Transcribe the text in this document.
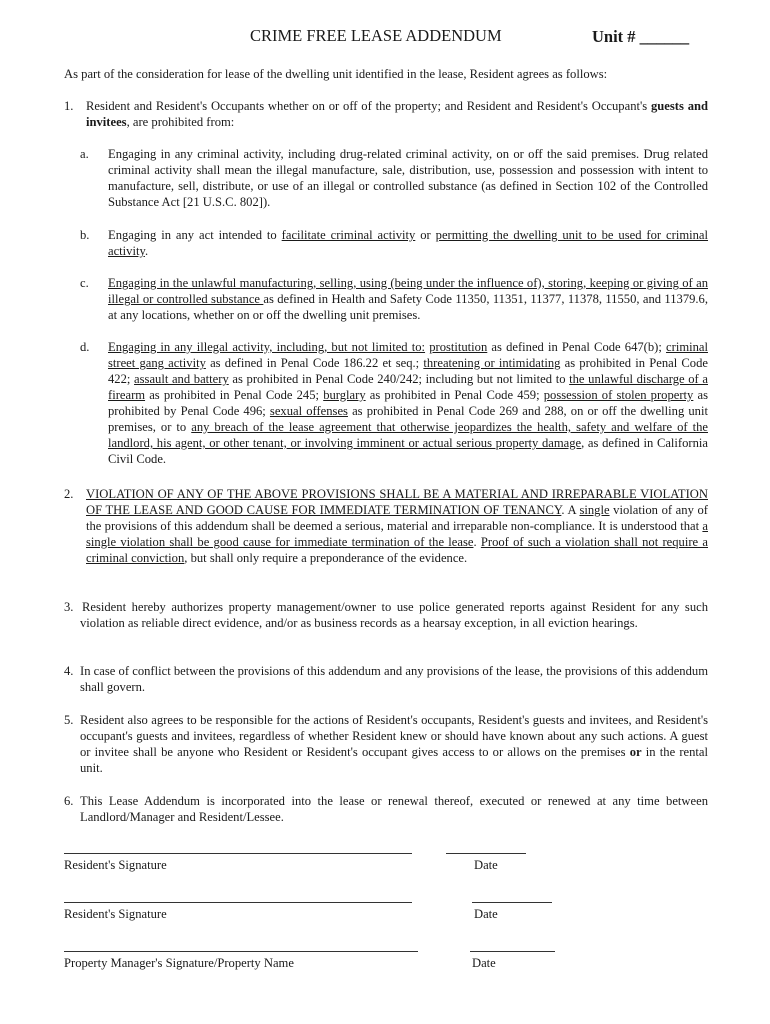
CRIME FREE LEASE ADDENDUM	Unit # ______
As part of the consideration for lease of the dwelling unit identified in the lease, Resident agrees as follows:
1. Resident and Resident's Occupants whether on or off of the property; and Resident and Resident's Occupant's guests and invitees, are prohibited from:
a. Engaging in any criminal activity, including drug-related criminal activity, on or off the said premises. Drug related criminal activity shall mean the illegal manufacture, sale, distribution, use, possession and possession with intent to manufacture, sell, distribute, or use of an illegal or controlled substance (as defined in Section 102 of the Controlled Substance Act [21 U.S.C. 802]).
b. Engaging in any act intended to facilitate criminal activity or permitting the dwelling unit to be used for criminal activity.
c. Engaging in the unlawful manufacturing, selling, using (being under the influence of), storing, keeping or giving of an illegal or controlled substance as defined in Health and Safety Code 11350, 11351, 11377, 11378, 11550, and 11379.6, at any locations, whether on or off the dwelling unit premises.
d. Engaging in any illegal activity, including, but not limited to: prostitution as defined in Penal Code 647(b); criminal street gang activity as defined in Penal Code 186.22 et seq.; threatening or intimidating as prohibited in Penal Code 422; assault and battery as prohibited in Penal Code 240/242; including but not limited to the unlawful discharge of a firearm as prohibited in Penal Code 245; burglary as prohibited in Penal Code 459; possession of stolen property as prohibited by Penal Code 496; sexual offenses as prohibited in Penal Code 269 and 288, on or off the dwelling unit premises, or to any breach of the lease agreement that otherwise jeopardizes the health, safety and welfare of the landlord, his agent, or other tenant, or involving imminent or actual serious property damage, as defined in California Civil Code.
2. VIOLATION OF ANY OF THE ABOVE PROVISIONS SHALL BE A MATERIAL AND IRREPARABLE VIOLATION OF THE LEASE AND GOOD CAUSE FOR IMMEDIATE TERMINATION OF TENANCY. A single violation of any of the provisions of this addendum shall be deemed a serious, material and irreparable non-compliance. It is understood that a single violation shall be good cause for immediate termination of the lease. Proof of such a violation shall not require a criminal conviction, but shall only require a preponderance of the evidence.
3. Resident hereby authorizes property management/owner to use police generated reports against Resident for any such violation as reliable direct evidence, and/or as business records as a hearsay exception, in all eviction hearings.
4. In case of conflict between the provisions of this addendum and any provisions of the lease, the provisions of this addendum shall govern.
5. Resident also agrees to be responsible for the actions of Resident's occupants, Resident's guests and invitees, and Resident's occupant's guests and invitees, regardless of whether Resident knew or should have known about any such actions. A guest or invitee shall be anyone who Resident or Resident's occupant gives access to or allows on the premises or in the rental unit.
6. This Lease Addendum is incorporated into the lease or renewal thereof, executed or renewed at any time between Landlord/Manager and Resident/Lessee.
Resident's Signature	Date
Resident's Signature	Date
Property Manager's Signature/Property Name	Date
